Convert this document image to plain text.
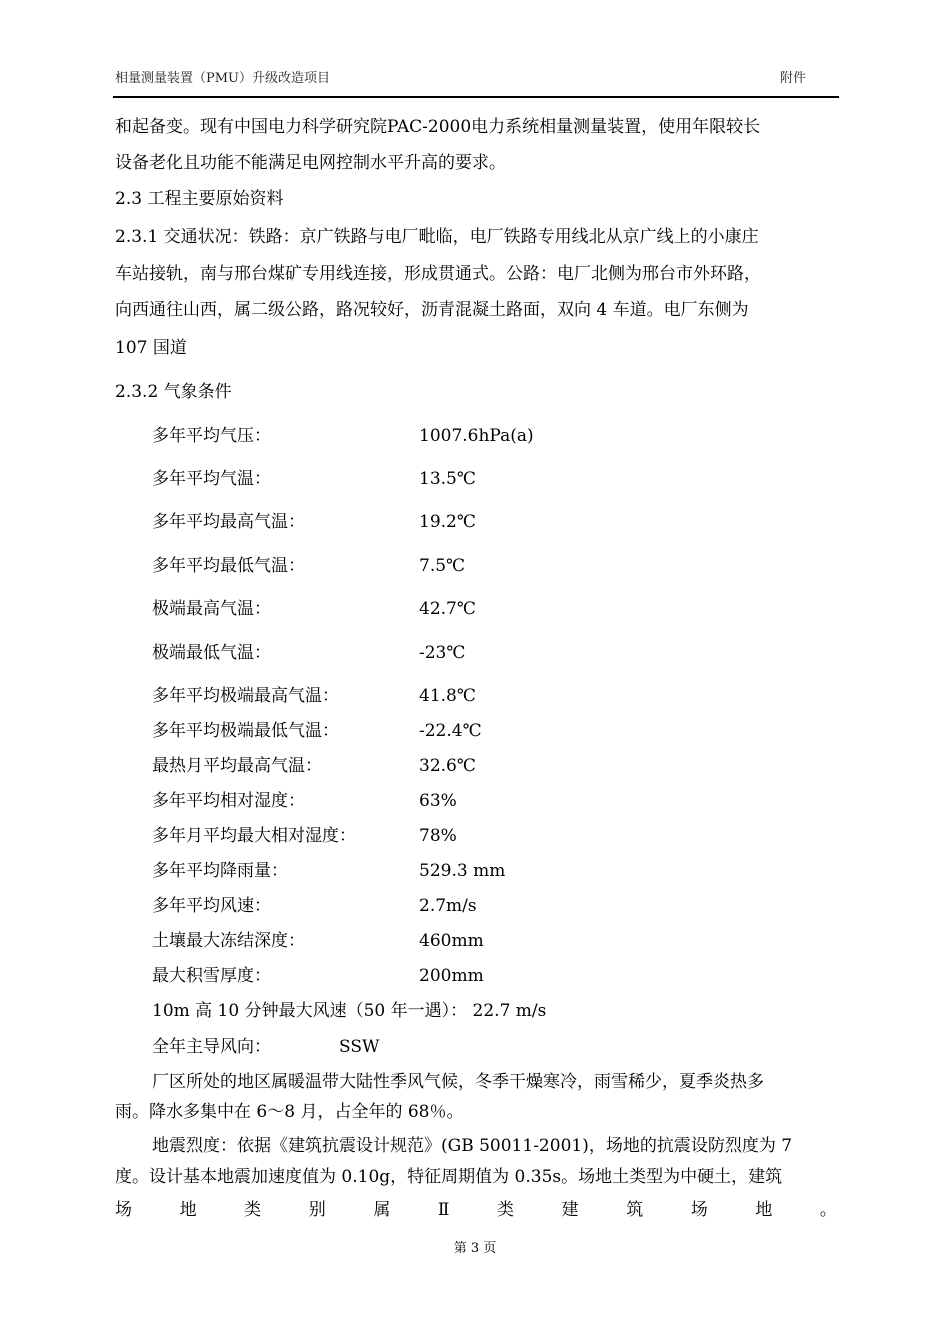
相量测量装置（PMU）升级改造项目	附件
和起备变。现有中国电力科学研究院PAC-2000电力系统相量测量装置，使用年限较长
设备老化且功能不能满足电网控制水平升高的要求。
2.3 工程主要原始资料
2.3.1 交通状况：铁路：京广铁路与电厂毗临，电厂铁路专用线北从京广线上的小康庄
车站接轨，南与邢台煤矿专用线连接，形成贯通式。公路：电厂北侧为邢台市外环路，
向西通往山西，属二级公路，路况较好，沥青混凝土路面，双向 4 车道。电厂东侧为
107 国道
2.3.2 气象条件
多年平均气压：	1007.6hPa(a)
多年平均气温：	13.5℃
多年平均最高气温：	19.2℃
多年平均最低气温：	7.5℃
极端最高气温：	42.7℃
极端最低气温：	-23℃
多年平均极端最高气温：	41.8℃
多年平均极端最低气温：	-22.4℃
最热月平均最高气温：	32.6℃
多年平均相对湿度：	63%
多年月平均最大相对湿度：	78%
多年平均降雨量：	529.3 mm
多年平均风速：	2.7m/s
土壤最大冻结深度：	460mm
最大积雪厚度：	200mm
10m 高 10 分钟最大风速（50 年一遇）： 22.7 m/s
全年主导风向：	SSW
厂区所处的地区属暖温带大陆性季风气候，冬季干燥寒冷，雨雪稀少，夏季炎热多
雨。降水多集中在 6～8 月，占全年的 68％。
地震烈度：依据《建筑抗震设计规范》(GB 50011-2001)，场地的抗震设防烈度为 7
度。设计基本地震加速度值为 0.10g，特征周期值为 0.35s。场地土类型为中硬土，建筑
场	地	类	别	属	Ⅱ	类	建	筑	场	地	。
第 3 页
